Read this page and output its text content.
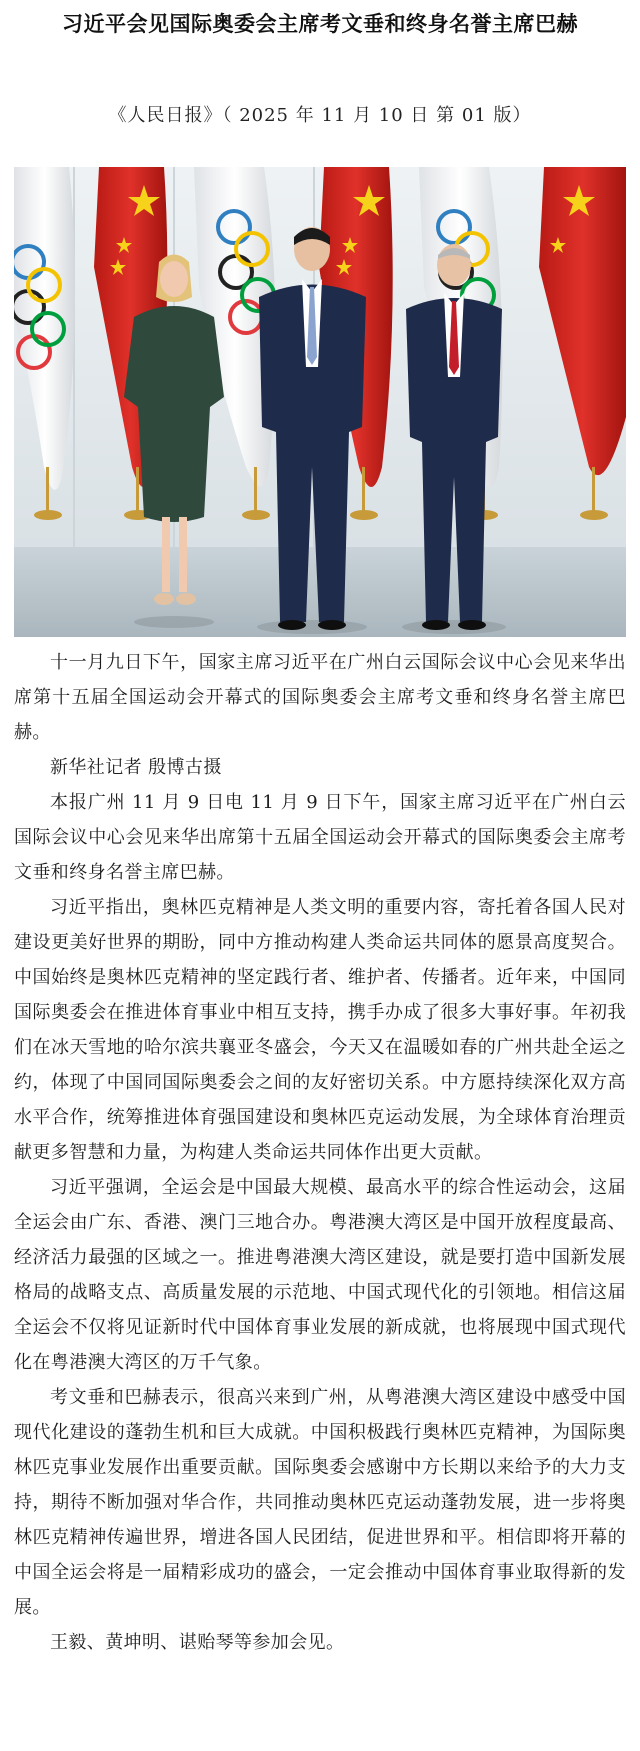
习近平会见国际奥委会主席考文垂和终身名誉主席巴赫
《人民日报》（ 2025 年 11 月 10 日 第 01 版）

十一月九日下午，国家主席习近平在广州白云国际会议中心会见来华出席第十五届全国运动会开幕式的国际奥委会主席考文垂和终身名誉主席巴赫。

新华社记者 殷博古摄

本报广州 11 月 9 日电 11 月 9 日下午，国家主席习近平在广州白云国际会议中心会见来华出席第十五届全国运动会开幕式的国际奥委会主席考文垂和终身名誉主席巴赫。

习近平指出，奥林匹克精神是人类文明的重要内容，寄托着各国人民对建设更美好世界的期盼，同中方推动构建人类命运共同体的愿景高度契合。中国始终是奥林匹克精神的坚定践行者、维护者、传播者。近年来，中国同国际奥委会在推进体育事业中相互支持，携手办成了很多大事好事。年初我们在冰天雪地的哈尔滨共襄亚冬盛会，今天又在温暖如春的广州共赴全运之约，体现了中国同国际奥委会之间的友好密切关系。中方愿持续深化双方高水平合作，统筹推进体育强国建设和奥林匹克运动发展，为全球体育治理贡献更多智慧和力量，为构建人类命运共同体作出更大贡献。

习近平强调，全运会是中国最大规模、最高水平的综合性运动会，这届全运会由广东、香港、澳门三地合办。粤港澳大湾区是中国开放程度最高、经济活力最强的区域之一。推进粤港澳大湾区建设，就是要打造中国新发展格局的战略支点、高质量发展的示范地、中国式现代化的引领地。相信这届全运会不仅将见证新时代中国体育事业发展的新成就，也将展现中国式现代化在粤港澳大湾区的万千气象。

考文垂和巴赫表示，很高兴来到广州，从粤港澳大湾区建设中感受中国现代化建设的蓬勃生机和巨大成就。中国积极践行奥林匹克精神，为国际奥林匹克事业发展作出重要贡献。国际奥委会感谢中方长期以来给予的大力支持，期待不断加强对华合作，共同推动奥林匹克运动蓬勃发展，进一步将奥林匹克精神传遍世界，增进各国人民团结，促进世界和平。相信即将开幕的中国全运会将是一届精彩成功的盛会，一定会推动中国体育事业取得新的发展。

王毅、黄坤明、谌贻琴等参加会见。
